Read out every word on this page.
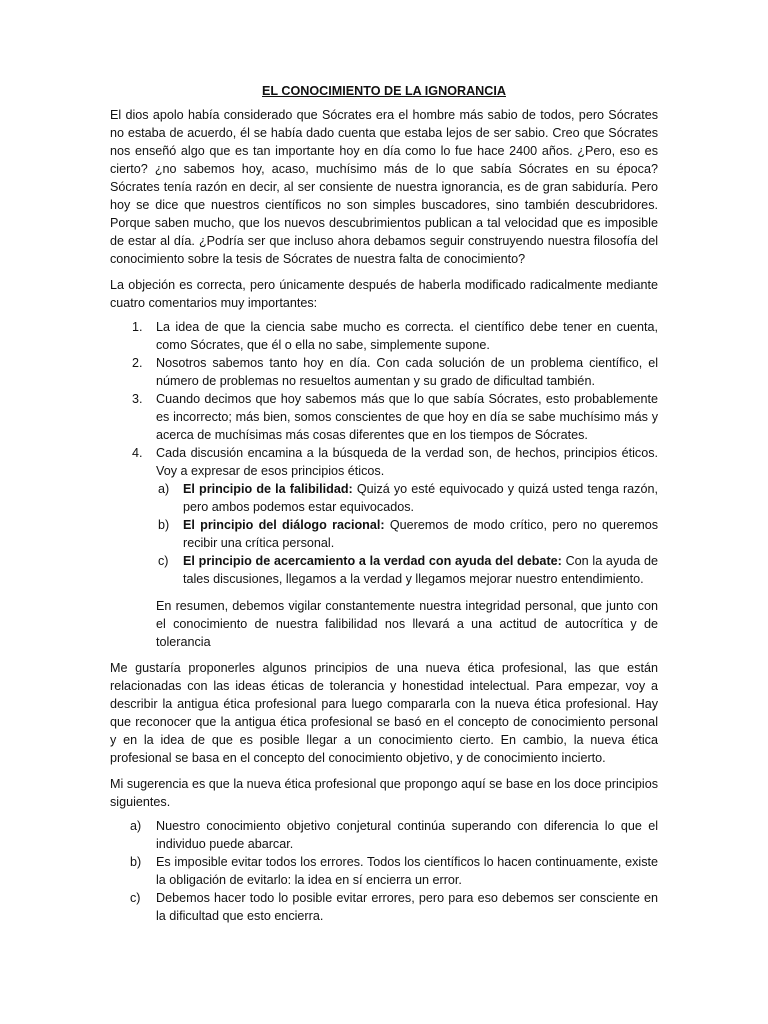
EL CONOCIMIENTO DE LA IGNORANCIA

El dios apolo había considerado que Sócrates era el hombre más sabio de todos, pero Sócrates no estaba de acuerdo, él se había dado cuenta que estaba lejos de ser sabio. Creo que Sócrates nos enseñó algo que es tan importante hoy en día como lo fue hace 2400 años. ¿Pero, eso es cierto? ¿no sabemos hoy, acaso, muchísimo más de lo que sabía Sócrates en su época? Sócrates tenía razón en decir, al ser consiente de nuestra ignorancia, es de gran sabiduría. Pero hoy se dice que nuestros científicos no son simples buscadores, sino también descubridores. Porque saben mucho, que los nuevos descubrimientos publican a tal velocidad que es imposible de estar al día. ¿Podría ser que incluso ahora debamos seguir construyendo nuestra filosofía del conocimiento sobre la tesis de Sócrates de nuestra falta de conocimiento?

La objeción es correcta, pero únicamente después de haberla modificado radicalmente mediante cuatro comentarios muy importantes:

1. La idea de que la ciencia sabe mucho es correcta. el científico debe tener en cuenta, como Sócrates, que él o ella no sabe, simplemente supone.
2. Nosotros sabemos tanto hoy en día. Con cada solución de un problema científico, el número de problemas no resueltos aumentan y su grado de dificultad también.
3. Cuando decimos que hoy sabemos más que lo que sabía Sócrates, esto probablemente es incorrecto; más bien, somos conscientes de que hoy en día se sabe muchísimo más y acerca de muchísimas más cosas diferentes que en los tiempos de Sócrates.
4. Cada discusión encamina a la búsqueda de la verdad son, de hechos, principios éticos. Voy a expresar de esos principios éticos.
a) El principio de la falibilidad: Quizá yo esté equivocado y quizá usted tenga razón, pero ambos podemos estar equivocados.
b) El principio del diálogo racional: Queremos de modo crítico, pero no queremos recibir una crítica personal.
c) El principio de acercamiento a la verdad con ayuda del debate: Con la ayuda de tales discusiones, llegamos a la verdad y llegamos mejorar nuestro entendimiento.

En resumen, debemos vigilar constantemente nuestra integridad personal, que junto con el conocimiento de nuestra falibilidad nos llevará a una actitud de autocrítica y de tolerancia

Me gustaría proponerles algunos principios de una nueva ética profesional, las que están relacionadas con las ideas éticas de tolerancia y honestidad intelectual. Para empezar, voy a describir la antigua ética profesional para luego compararla con la nueva ética profesional. Hay que reconocer que la antigua ética profesional se basó en el concepto de conocimiento personal y en la idea de que es posible llegar a un conocimiento cierto. En cambio, la nueva ética profesional se basa en el concepto del conocimiento objetivo, y de conocimiento incierto.

Mi sugerencia es que la nueva ética profesional que propongo aquí se base en los doce principios siguientes.

a) Nuestro conocimiento objetivo conjetural continúa superando con diferencia lo que el individuo puede abarcar.
b) Es imposible evitar todos los errores. Todos los científicos lo hacen continuamente, existe la obligación de evitarlo: la idea en sí encierra un error.
c) Debemos hacer todo lo posible evitar errores, pero para eso debemos ser consciente en la dificultad que esto encierra.
